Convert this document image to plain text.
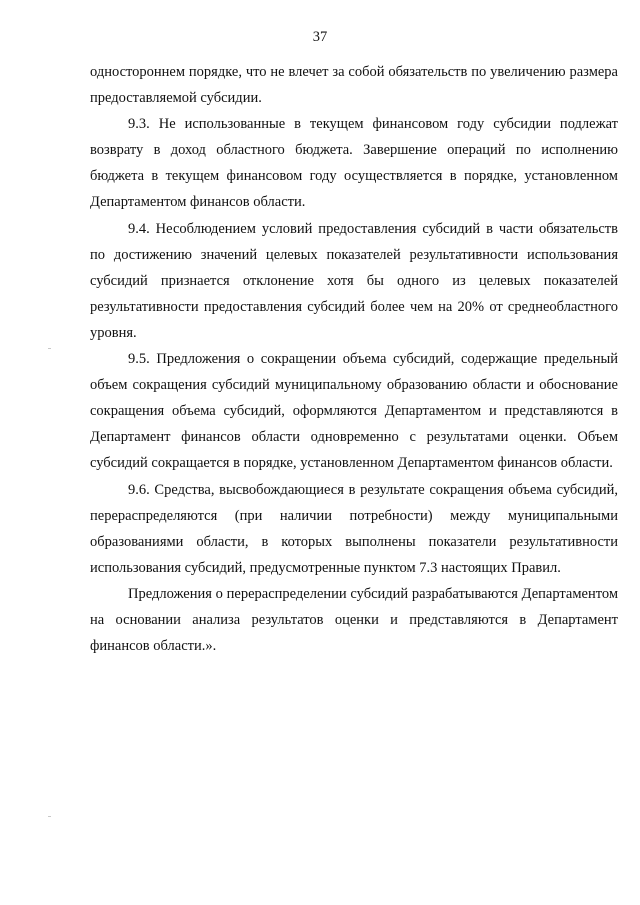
37

одностороннем порядке, что не влечет за собой обязательств по увеличению размера предоставляемой субсидии.

9.3. Не использованные в текущем финансовом году субсидии подлежат возврату в доход областного бюджета. Завершение операций по исполнению бюджета в текущем финансовом году осуществляется в порядке, установленном Департаментом финансов области.

9.4. Несоблюдением условий предоставления субсидий в части обязательств по достижению значений целевых показателей результативности использования субсидий признается отклонение хотя бы одного из целевых показателей результативности предоставления субсидий более чем на 20% от среднеобластного уровня.

9.5. Предложения о сокращении объема субсидий, содержащие предельный объем сокращения субсидий муниципальному образованию области и обоснование сокращения объема субсидий, оформляются Департаментом и представляются в Департамент финансов области одновременно с результатами оценки. Объем субсидий сокращается в порядке, установленном Департаментом финансов области.

9.6. Средства, высвобождающиеся в результате сокращения объема субсидий, перераспределяются (при наличии потребности) между муниципальными образованиями области, в которых выполнены показатели результативности использования субсидий, предусмотренные пунктом 7.3 настоящих Правил.

Предложения о перераспределении субсидий разрабатываются Департаментом на основании анализа результатов оценки и представляются в Департамент финансов области.».
